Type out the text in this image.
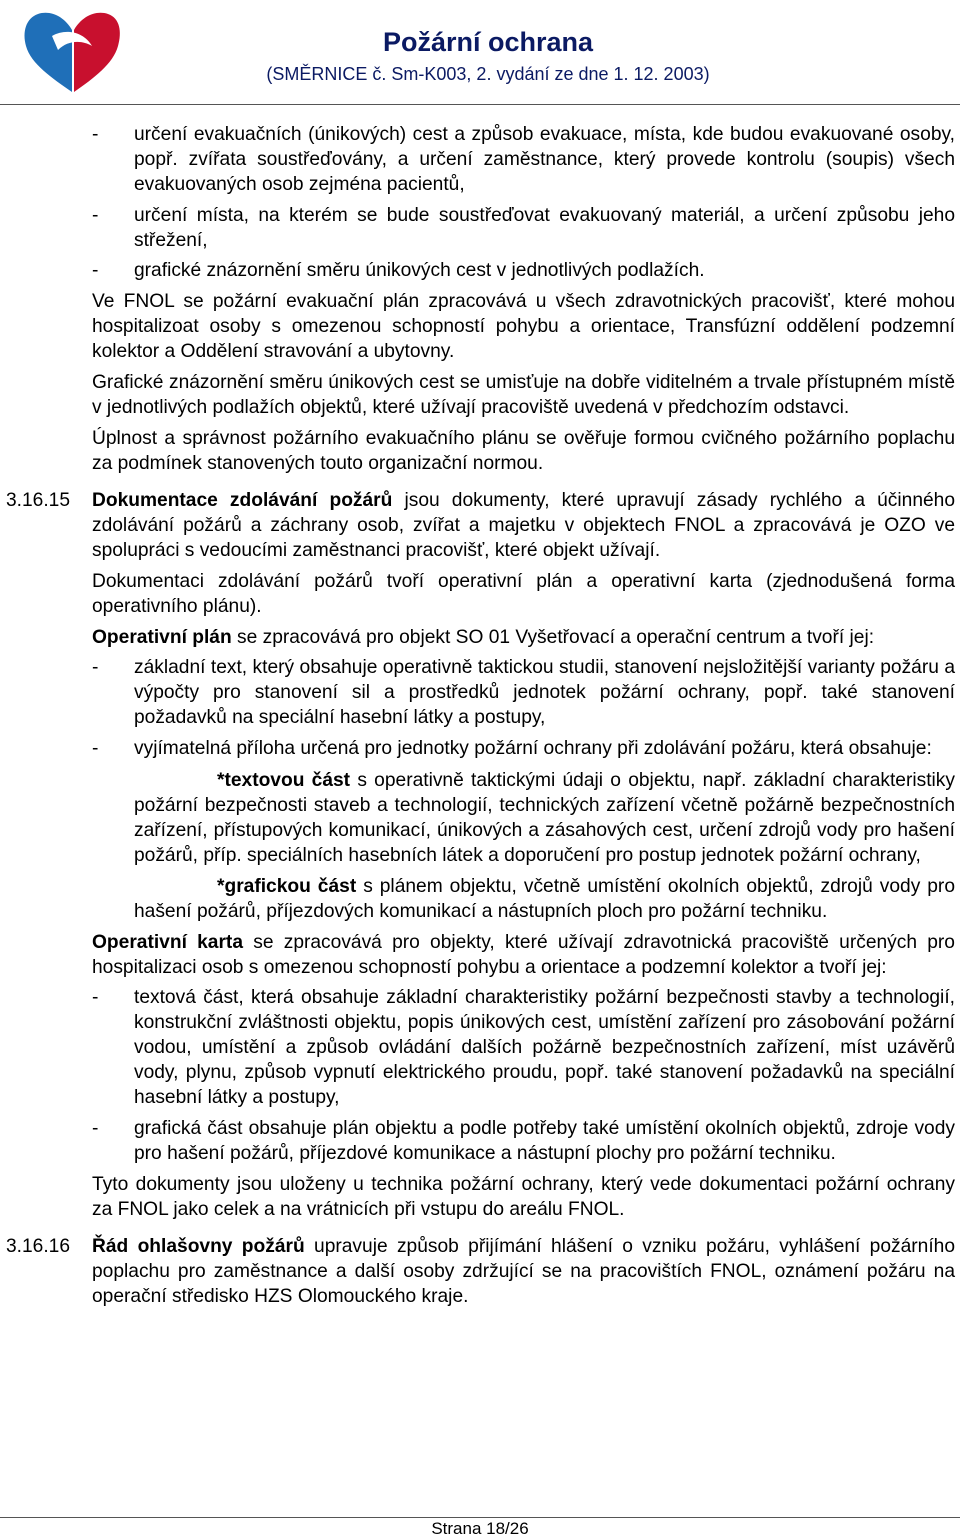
Požární ochrana
(SMĚRNICE č. Sm-K003, 2. vydání ze dne 1. 12. 2003)

- určení evakuačních (únikových) cest a způsob evakuace, místa, kde budou evakuované osoby, popř. zvířata soustřeďovány, a určení zaměstnance, který provede kontrolu (soupis) všech evakuovaných osob zejména pacientů,

- určení místa, na kterém se bude soustřeďovat evakuovaný materiál, a určení způsobu jeho střežení,

- grafické znázornění směru únikových cest v jednotlivých podlažích.

Ve FNOL se požární evakuační plán zpracovává u všech zdravotnických pracovišť, které mohou hospitalizoat osoby s omezenou schopností pohybu a orientace, Transfúzní oddělení podzemní kolektor a Oddělení stravování a ubytovny.

Grafické znázornění směru únikových cest se umisťuje na dobře viditelném a trvale přístupném místě v jednotlivých podlažích objektů, které užívají pracoviště uvedená v předchozím odstavci.

Úplnost a správnost požárního evakuačního plánu se ověřuje formou cvičného požárního poplachu za podmínek stanovených touto organizační normou.

3.16.15 Dokumentace zdolávání požárů jsou dokumenty, které upravují zásady rychlého a účinného zdolávání požárů a záchrany osob, zvířat a majetku v objektech FNOL a zpracovává je OZO ve spolupráci s vedoucími zaměstnanci pracovišť, které objekt užívají.

Dokumentaci zdolávání požárů tvoří operativní plán a operativní karta (zjednodušená forma operativního plánu).

Operativní plán se zpracovává pro objekt SO 01 Vyšetřovací a operační centrum a tvoří jej:

- základní text, který obsahuje operativně taktickou studii, stanovení nejsložitější varianty požáru a výpočty pro stanovení sil a prostředků jednotek požární ochrany, popř. také stanovení požadavků na speciální hasební látky a postupy,

- vyjímatelná příloha určená pro jednotky požární ochrany při zdolávání požáru, která obsahuje:

*textovou část s operativně taktickými údaji o objektu, např. základní charakteristiky požární bezpečnosti staveb a technologií, technických zařízení včetně požárně bezpečnostních zařízení, přístupových komunikací, únikových a zásahových cest, určení zdrojů vody pro hašení požárů, příp. speciálních hasebních látek a doporučení pro postup jednotek požární ochrany,

*grafickou část s plánem objektu, včetně umístění okolních objektů, zdrojů vody pro hašení požárů, příjezdových komunikací a nástupních ploch pro požární techniku.

Operativní karta se zpracovává pro objekty, které užívají zdravotnická pracoviště určených pro hospitalizaci osob s omezenou schopností pohybu a orientace a podzemní kolektor a tvoří jej:

- textová část, která obsahuje základní charakteristiky požární bezpečnosti stavby a technologií, konstrukční zvláštnosti objektu, popis únikových cest, umístění zařízení pro zásobování požární vodou, umístění a způsob ovládání dalších požárně bezpečnostních zařízení, míst uzávěrů vody, plynu, způsob vypnutí elektrického proudu, popř. také stanovení požadavků na speciální hasební látky a postupy,

- grafická část obsahuje plán objektu a podle potřeby také umístění okolních objektů, zdroje vody pro hašení požárů, příjezdové komunikace a nástupní plochy pro požární techniku.

Tyto dokumenty jsou uloženy u technika požární ochrany, který vede dokumentaci požární ochrany za FNOL jako celek a na vrátnicích při vstupu do areálu FNOL.

3.16.16 Řád ohlašovny požárů upravuje způsob přijímání hlášení o vzniku požáru, vyhlášení požárního poplachu pro zaměstnance a další osoby zdržující se na pracovištích FNOL, oznámení požáru na operační středisko HZS Olomouckého kraje.

Strana 18/26
